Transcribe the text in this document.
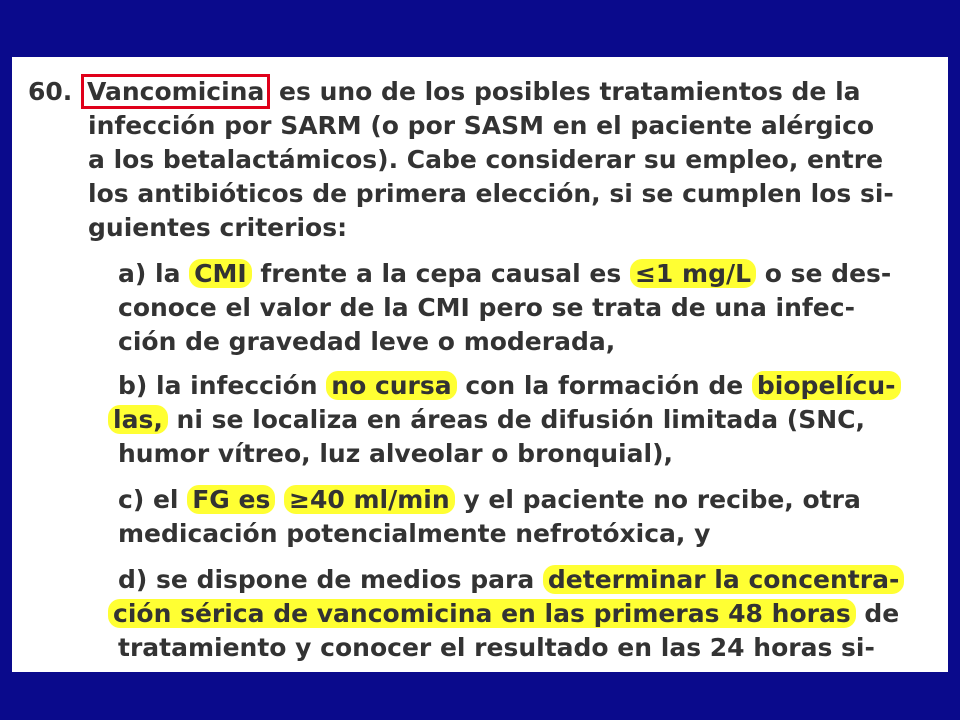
60. Vancomicina es uno de los posibles tratamientos de la
infección por SARM (o por SASM en el paciente alérgico
a los betalactámicos). Cabe considerar su empleo, entre
los antibióticos de primera elección, si se cumplen los si-
guientes criterios:
a) la CMI frente a la cepa causal es ≤1 mg/L o se des-
conoce el valor de la CMI pero se trata de una infec-
ción de gravedad leve o moderada,
b) la infección no cursa con la formación de biopelícu-
las, ni se localiza en áreas de difusión limitada (SNC,
humor vítreo, luz alveolar o bronquial),
c) el FG es ≥40 ml/min y el paciente no recibe, otra
medicación potencialmente nefrotóxica, y
d) se dispone de medios para determinar la concentra-
ción sérica de vancomicina en las primeras 48 horas de
tratamiento y conocer el resultado en las 24 horas si-
